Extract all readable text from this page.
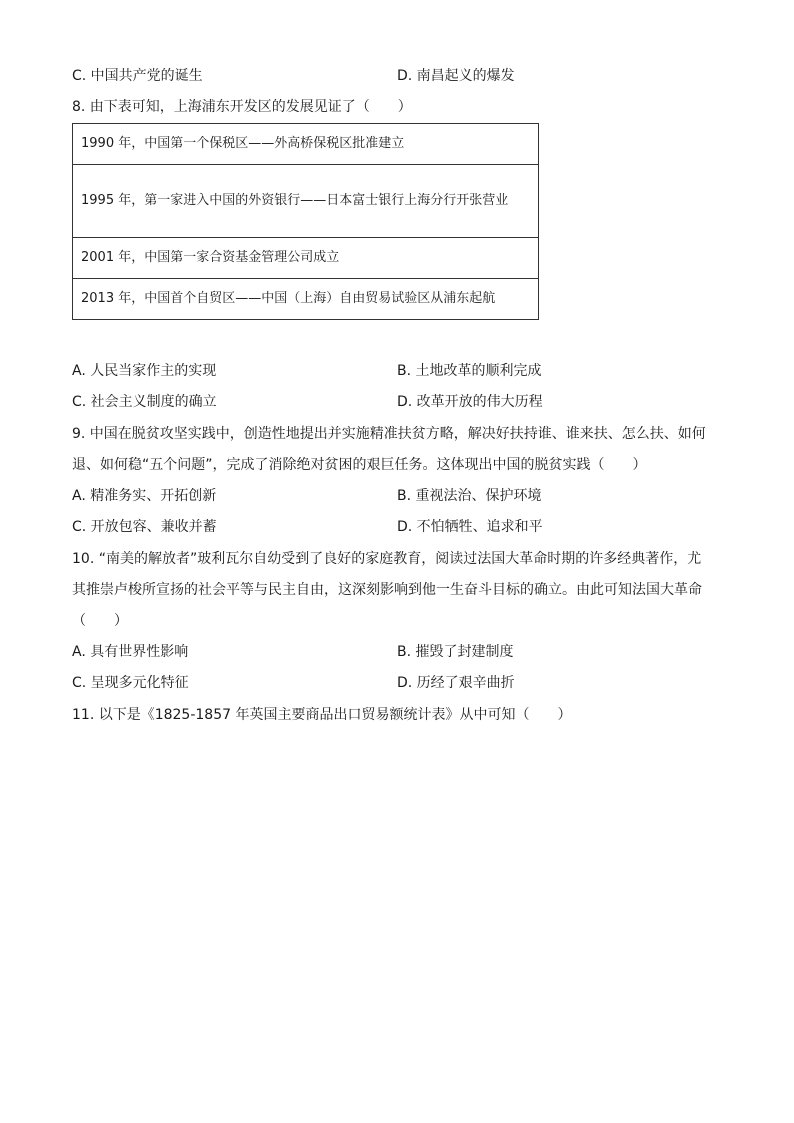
C. 中国共产党的诞生	D. 南昌起义的爆发
8. 由下表可知，上海浦东开发区的发展见证了（　　）
1990 年，中国第一个保税区——外高桥保税区批准建立
1995 年，第一家进入中国的外资银行——日本富士银行上海分行开张营业
2001 年，中国第一家合资基金管理公司成立
2013 年，中国首个自贸区——中国（上海）自由贸易试验区从浦东起航
A. 人民当家作主的实现	B. 土地改革的顺利完成
C. 社会主义制度的确立	D. 改革开放的伟大历程
9. 中国在脱贫攻坚实践中，创造性地提出并实施精准扶贫方略，解决好扶持谁、谁来扶、怎么扶、如何
退、如何稳“五个问题”，完成了消除绝对贫困的艰巨任务。这体现出中国的脱贫实践（　　）
A. 精准务实、开拓创新	B. 重视法治、保护环境
C. 开放包容、兼收并蓄	D. 不怕牺牲、追求和平
10. “南美的解放者”玻利瓦尔自幼受到了良好的家庭教育，阅读过法国大革命时期的许多经典著作，尤
其推崇卢梭所宣扬的社会平等与民主自由，这深刻影响到他一生奋斗目标的确立。由此可知法国大革命
（　　）
A. 具有世界性影响	B. 摧毁了封建制度
C. 呈现多元化特征	D. 历经了艰辛曲折
11. 以下是《1825-1857 年英国主要商品出口贸易额统计表》从中可知（　　）
